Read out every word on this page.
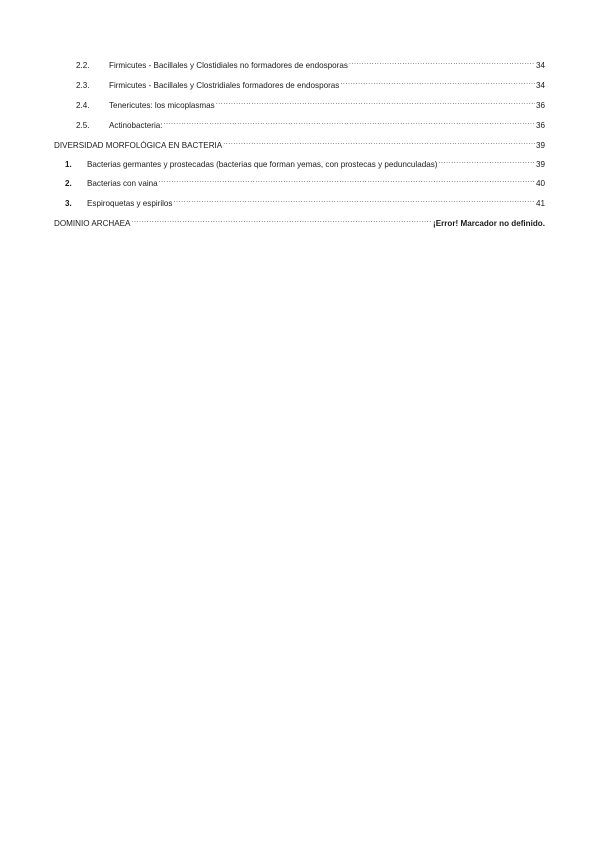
2.2.	Firmicutes - Bacillales y Clostidiales no formadores de endosporas .....	34
2.3.	Firmicutes - Bacillales y Clostridiales formadores de endosporas .....	34
2.4.	Tenericutes: los micoplasmas .....	36
2.5.	Actinobacteria: .....	36
DIVERSIDAD MORFOLÓGICA EN BACTERIA .....	39
1.	Bacterias germantes y prostecadas (bacterias que forman yemas, con prostecas y pedunculadas) .....	39
2.	Bacterias con vaina .....	40
3.	Espiroquetas y espirilos .....	41
DOMINIO ARCHAEA .....	¡Error! Marcador no definido.
